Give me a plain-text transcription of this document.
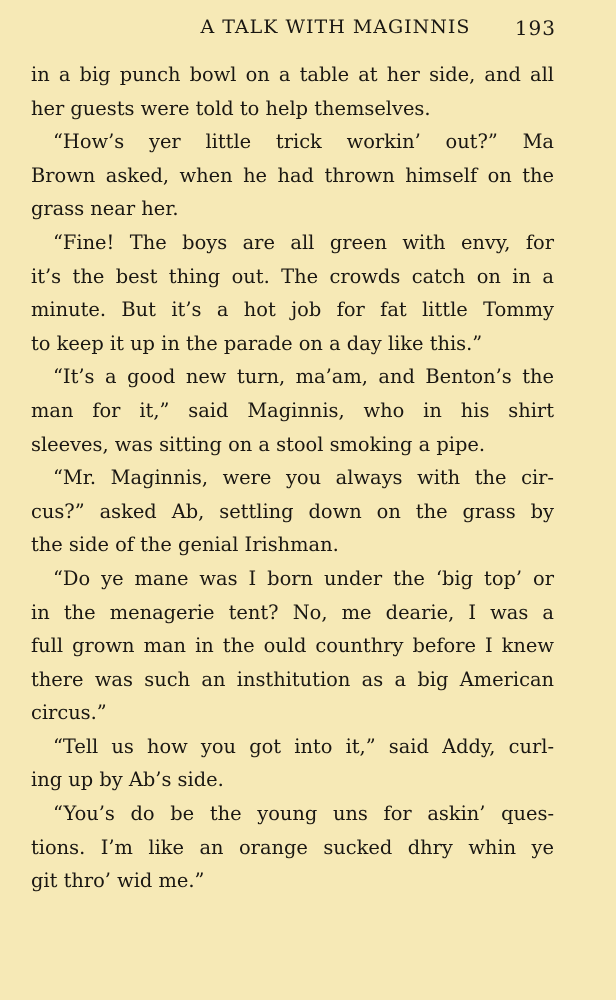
A TALK WITH MAGINNIS	193
in a big punch bowl on a table at her side, and all
her guests were told to help themselves.
“How’s yer little trick workin’ out?” Ma
Brown asked, when he had thrown himself on the
grass near her.
“Fine! The boys are all green with envy, for
it’s the best thing out. The crowds catch on in a
minute. But it’s a hot job for fat little Tommy
to keep it up in the parade on a day like this.”
“It’s a good new turn, ma’am, and Benton’s the
man for it,” said Maginnis, who in his shirt
sleeves, was sitting on a stool smoking a pipe.
“Mr. Maginnis, were you always with the cir-
cus?” asked Ab, settling down on the grass by
the side of the genial Irishman.
“Do ye mane was I born under the ‘big top’ or
in the menagerie tent? No, me dearie, I was a
full grown man in the ould counthry before I knew
there was such an insthitution as a big American
circus.”
“Tell us how you got into it,” said Addy, curl-
ing up by Ab’s side.
“You’s do be the young uns for askin’ ques-
tions. I’m like an orange sucked dhry whin ye
git thro’ wid me.”
